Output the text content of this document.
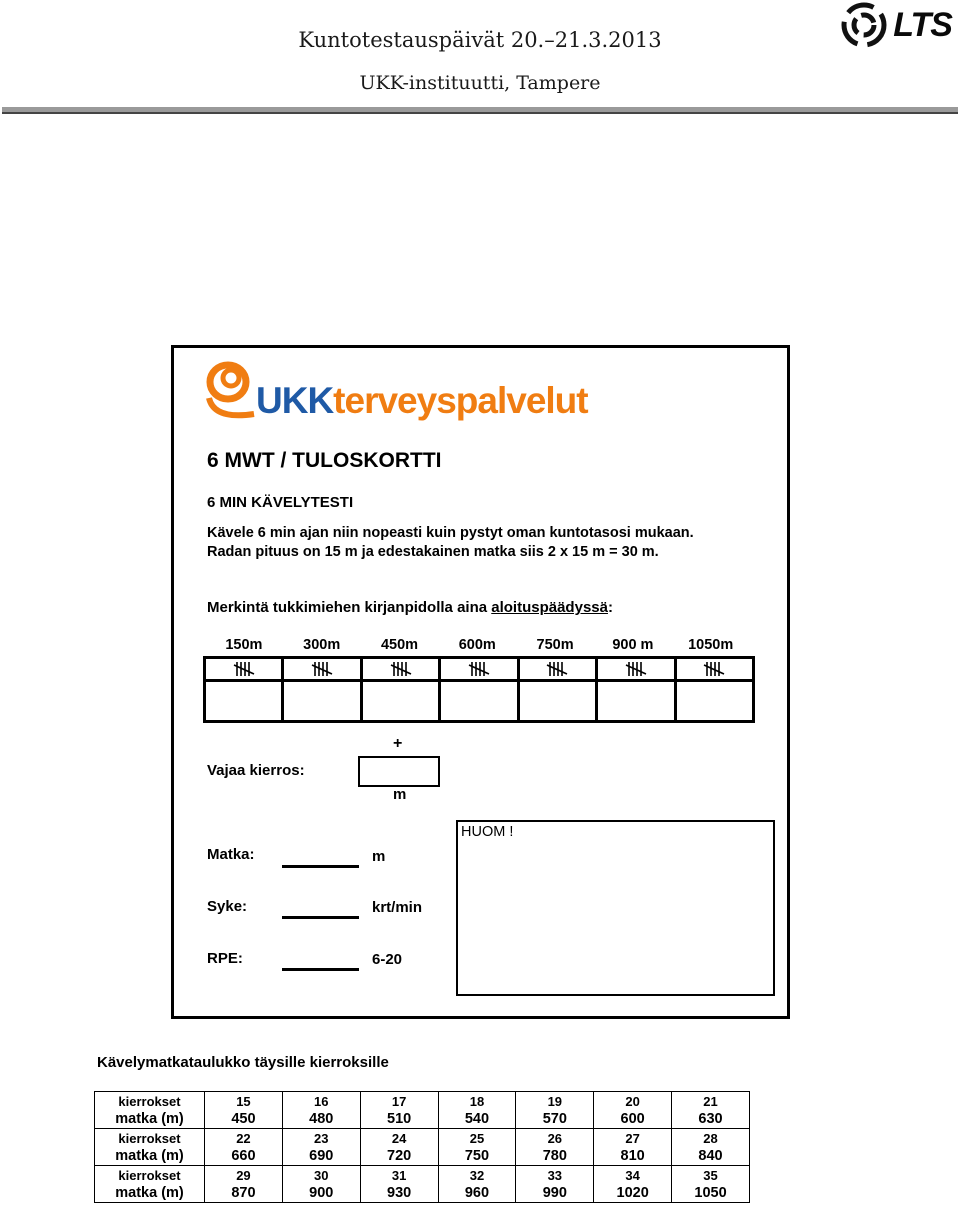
Kuntotestauspäivät 20.–21.3.2013
UKK-instituutti, Tampere
LTS
UKKterveyspalvelut
6 MWT / TULOSKORTTI
6 MIN KÄVELYTESTI
Kävele 6 min ajan niin nopeasti kuin pystyt oman kuntotasosi mukaan.
Radan pituus on 15 m ja edestakainen matka siis 2 x 15 m = 30 m.
Merkintä tukkimiehen kirjanpidolla aina aloituspäädyssä:
150m	300m	450m	600m	750m	900 m	1050m
Vajaa kierros:
+
m
Matka:	m
Syke:	krt/min
RPE:	6-20
HUOM !
Kävelymatkataulukko täysille kierroksille
kierrokset	15	16	17	18	19	20	21
matka (m)	450	480	510	540	570	600	630
kierrokset	22	23	24	25	26	27	28
matka (m)	660	690	720	750	780	810	840
kierrokset	29	30	31	32	33	34	35
matka (m)	870	900	930	960	990	1020	1050
